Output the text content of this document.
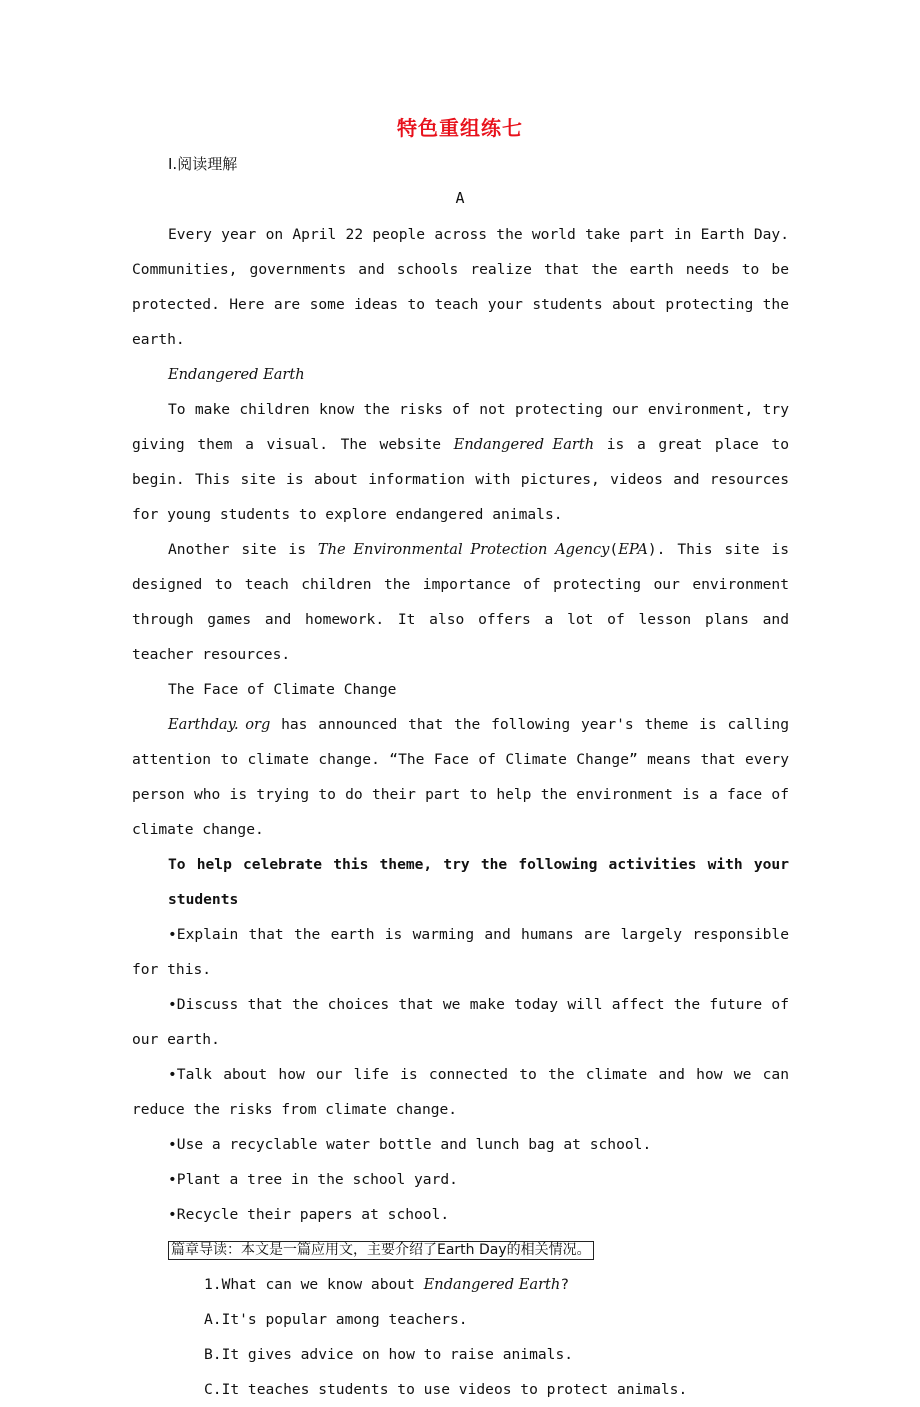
特色重组练七
Ⅰ.阅读理解
A

Every year on April 22 people across the world take part in Earth Day. Communities, governments and schools realize that the earth needs to be protected. Here are some ideas to teach your students about protecting the earth.

Endangered Earth

To make children know the risks of not protecting our environment, try giving them a visual. The website Endangered Earth is a great place to begin. This site is about information with pictures, videos and resources for young students to explore endangered animals.

Another site is The Environmental Protection Agency(EPA). This site is designed to teach children the importance of protecting our environment through games and homework. It also offers a lot of lesson plans and teacher resources.

The Face of Climate Change

Earthday. org has announced that the following year's theme is calling attention to climate change. “The Face of Climate Change” means that every person who is trying to do their part to help the environment is a face of climate change.

To help celebrate this theme, try the following activities with your students

•Explain that the earth is warming and humans are largely responsible for this.

•Discuss that the choices that we make today will affect the future of our earth.

•Talk about how our life is connected to the climate and how we can reduce the risks from climate change.

•Use a recyclable water bottle and lunch bag at school.

•Plant a tree in the school yard.

•Recycle their papers at school.

篇章导读：本文是一篇应用文，主要介绍了Earth Day的相关情况。

1.What can we know about Endangered Earth?

A.It's popular among teachers.

B.It gives advice on how to raise animals.

C.It teaches students to use videos to protect animals.
